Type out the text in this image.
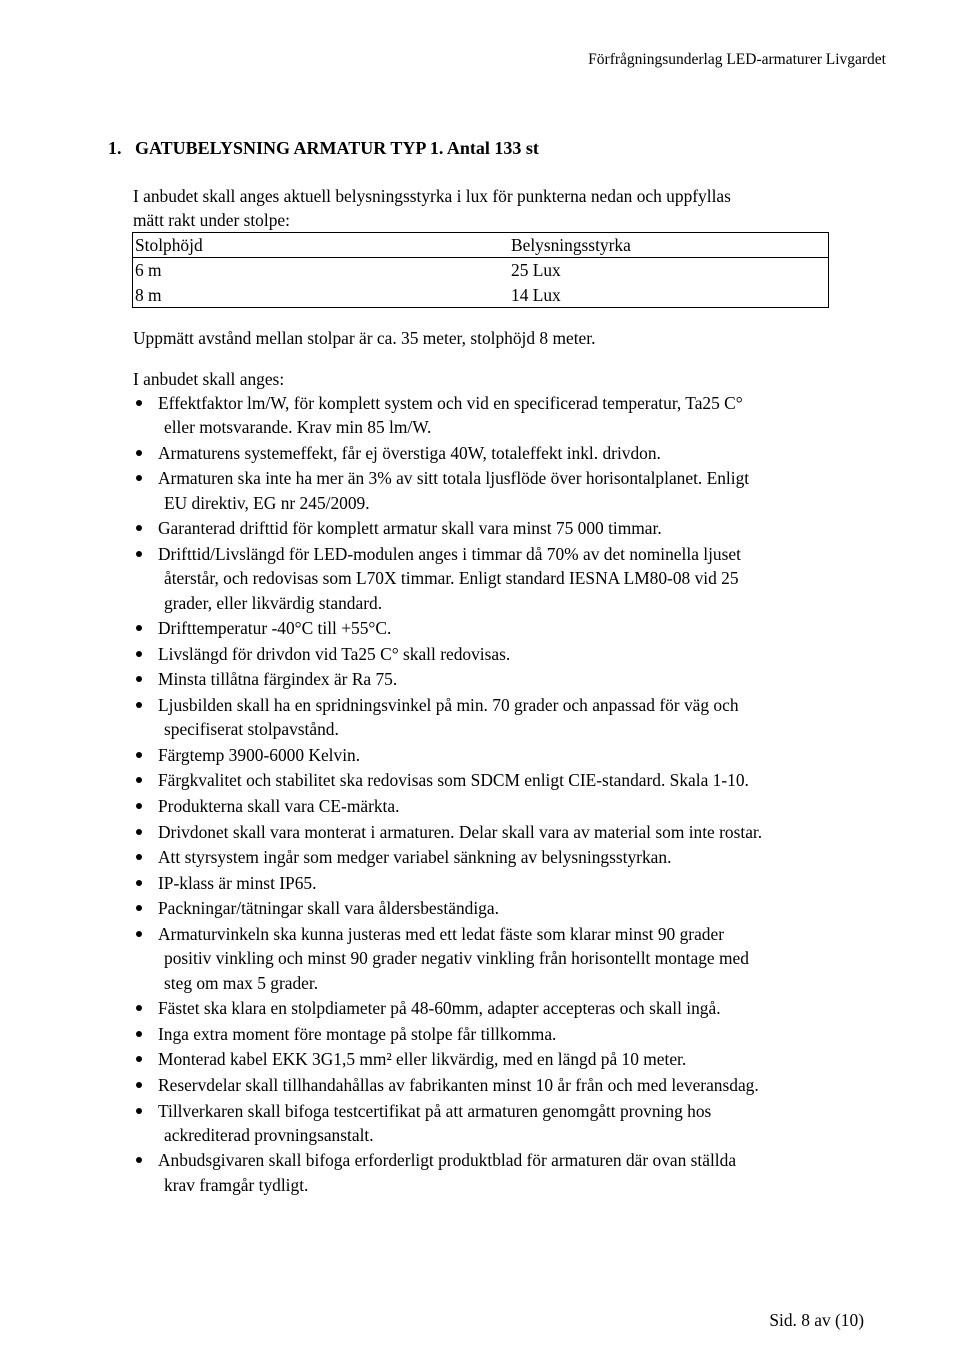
Förfrågningsunderlag LED-armaturer Livgardet
1. GATUBELYSNING ARMATUR TYP 1. Antal 133 st
I anbudet skall anges aktuell belysningsstyrka i lux för punkterna nedan och uppfyllas
mätt rakt under stolpe:
Stolphöjd	Belysningsstyrka
6 m	25 Lux
8 m	14 Lux
Uppmätt avstånd mellan stolpar är ca. 35 meter, stolphöjd 8 meter.
I anbudet skall anges:
Effektfaktor lm/W, för komplett system och vid en specificerad temperatur, Ta25 C°
eller motsvarande. Krav min 85 lm/W.
Armaturens systemeffekt, får ej överstiga 40W, totaleffekt inkl. drivdon.
Armaturen ska inte ha mer än 3% av sitt totala ljusflöde över horisontalplanet. Enligt
EU direktiv, EG nr 245/2009.
Garanterad drifttid för komplett armatur skall vara minst 75 000 timmar.
Drifttid/Livslängd för LED-modulen anges i timmar då 70% av det nominella ljuset
återstår, och redovisas som L70X timmar. Enligt standard IESNA LM80-08 vid 25
grader, eller likvärdig standard.
Drifttemperatur -40°C till +55°C.
Livslängd för drivdon vid Ta25 C° skall redovisas.
Minsta tillåtna färgindex är Ra 75.
Ljusbilden skall ha en spridningsvinkel på min. 70 grader och anpassad för väg och
specifiserat stolpavstånd.
Färgtemp 3900-6000 Kelvin.
Färgkvalitet och stabilitet ska redovisas som SDCM enligt CIE-standard. Skala 1-10.
Produkterna skall vara CE-märkta.
Drivdonet skall vara monterat i armaturen. Delar skall vara av material som inte rostar.
Att styrsystem ingår som medger variabel sänkning av belysningsstyrkan.
IP-klass är minst IP65.
Packningar/tätningar skall vara åldersbeständiga.
Armaturvinkeln ska kunna justeras med ett ledat fäste som klarar minst 90 grader
positiv vinkling och minst 90 grader negativ vinkling från horisontellt montage med
steg om max 5 grader.
Fästet ska klara en stolpdiameter på 48-60mm, adapter accepteras och skall ingå.
Inga extra moment före montage på stolpe får tillkomma.
Monterad kabel EKK 3G1,5 mm² eller likvärdig, med en längd på 10 meter.
Reservdelar skall tillhandahållas av fabrikanten minst 10 år från och med leveransdag.
Tillverkaren skall bifoga testcertifikat på att armaturen genomgått provning hos
ackrediterad provningsanstalt.
Anbudsgivaren skall bifoga erforderligt produktblad för armaturen där ovan ställda
krav framgår tydligt.
Sid. 8 av (10)
